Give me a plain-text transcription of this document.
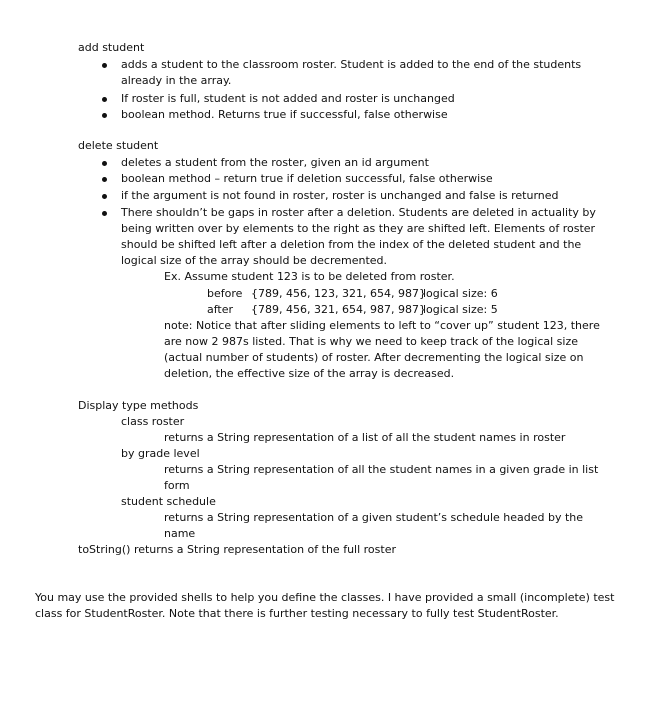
add student
adds a student to the classroom roster. Student is added to the end of the students
already in the array.
If roster is full, student is not added and roster is unchanged
boolean method. Returns true if successful, false otherwise
delete student
deletes a student from the roster, given an id argument
boolean method – return true if deletion successful, false otherwise
if the argument is not found in roster, roster is unchanged and false is returned
There shouldn’t be gaps in roster after a deletion. Students are deleted in actuality by
being written over by elements to the right as they are shifted left. Elements of roster
should be shifted left after a deletion from the index of the deleted student and the
logical size of the array should be decremented.
Ex. Assume student 123 is to be deleted from roster.
before {789, 456, 123, 321, 654, 987}
logical size: 6
after {789, 456, 321, 654, 987, 987}
logical size: 5
note: Notice that after sliding elements to left to “cover up” student 123, there
are now 2 987s listed. That is why we need to keep track of the logical size
(actual number of students) of roster. After decrementing the logical size on
deletion, the effective size of the array is decreased.
Display type methods
class roster
returns a String representation of a list of all the student names in roster
by grade level
returns a String representation of all the student names in a given grade in list
form
student schedule
returns a String representation of a given student’s schedule headed by the
name
toString() returns a String representation of the full roster
You may use the provided shells to help you define the classes. I have provided a small (incomplete) test
class for StudentRoster. Note that there is further testing necessary to fully test StudentRoster.
